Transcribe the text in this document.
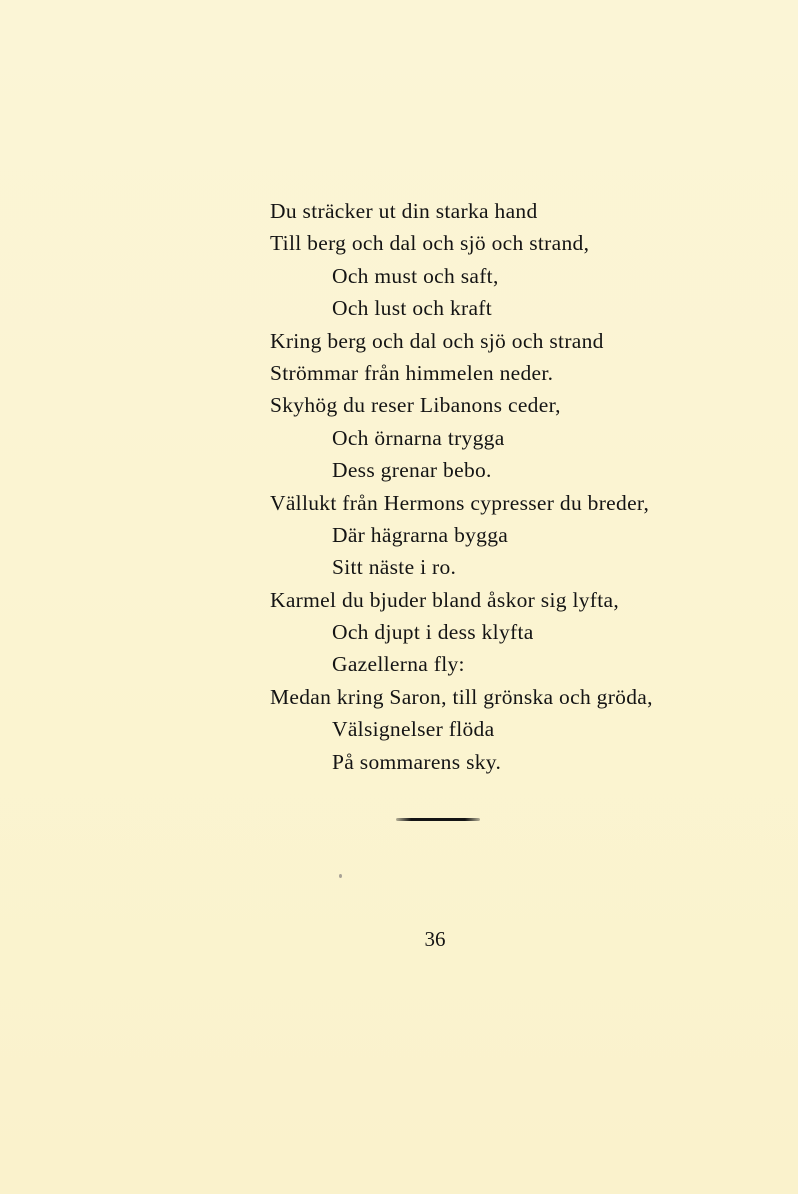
Du sträcker ut din starka hand
Till berg och dal och sjö och strand,
Och must och saft,
Och lust och kraft
Kring berg och dal och sjö och strand
Strömmar från himmelen neder.
Skyhög du reser Libanons ceder,
Och örnarna trygga
Dess grenar bebo.
Vällukt från Hermons cypresser du breder,
Där hägrarna bygga
Sitt näste i ro.
Karmel du bjuder bland åskor sig lyfta,
Och djupt i dess klyfta
Gazellerna fly:
Medan kring Saron, till grönska och gröda,
Välsignelser flöda
På sommarens sky.
36
